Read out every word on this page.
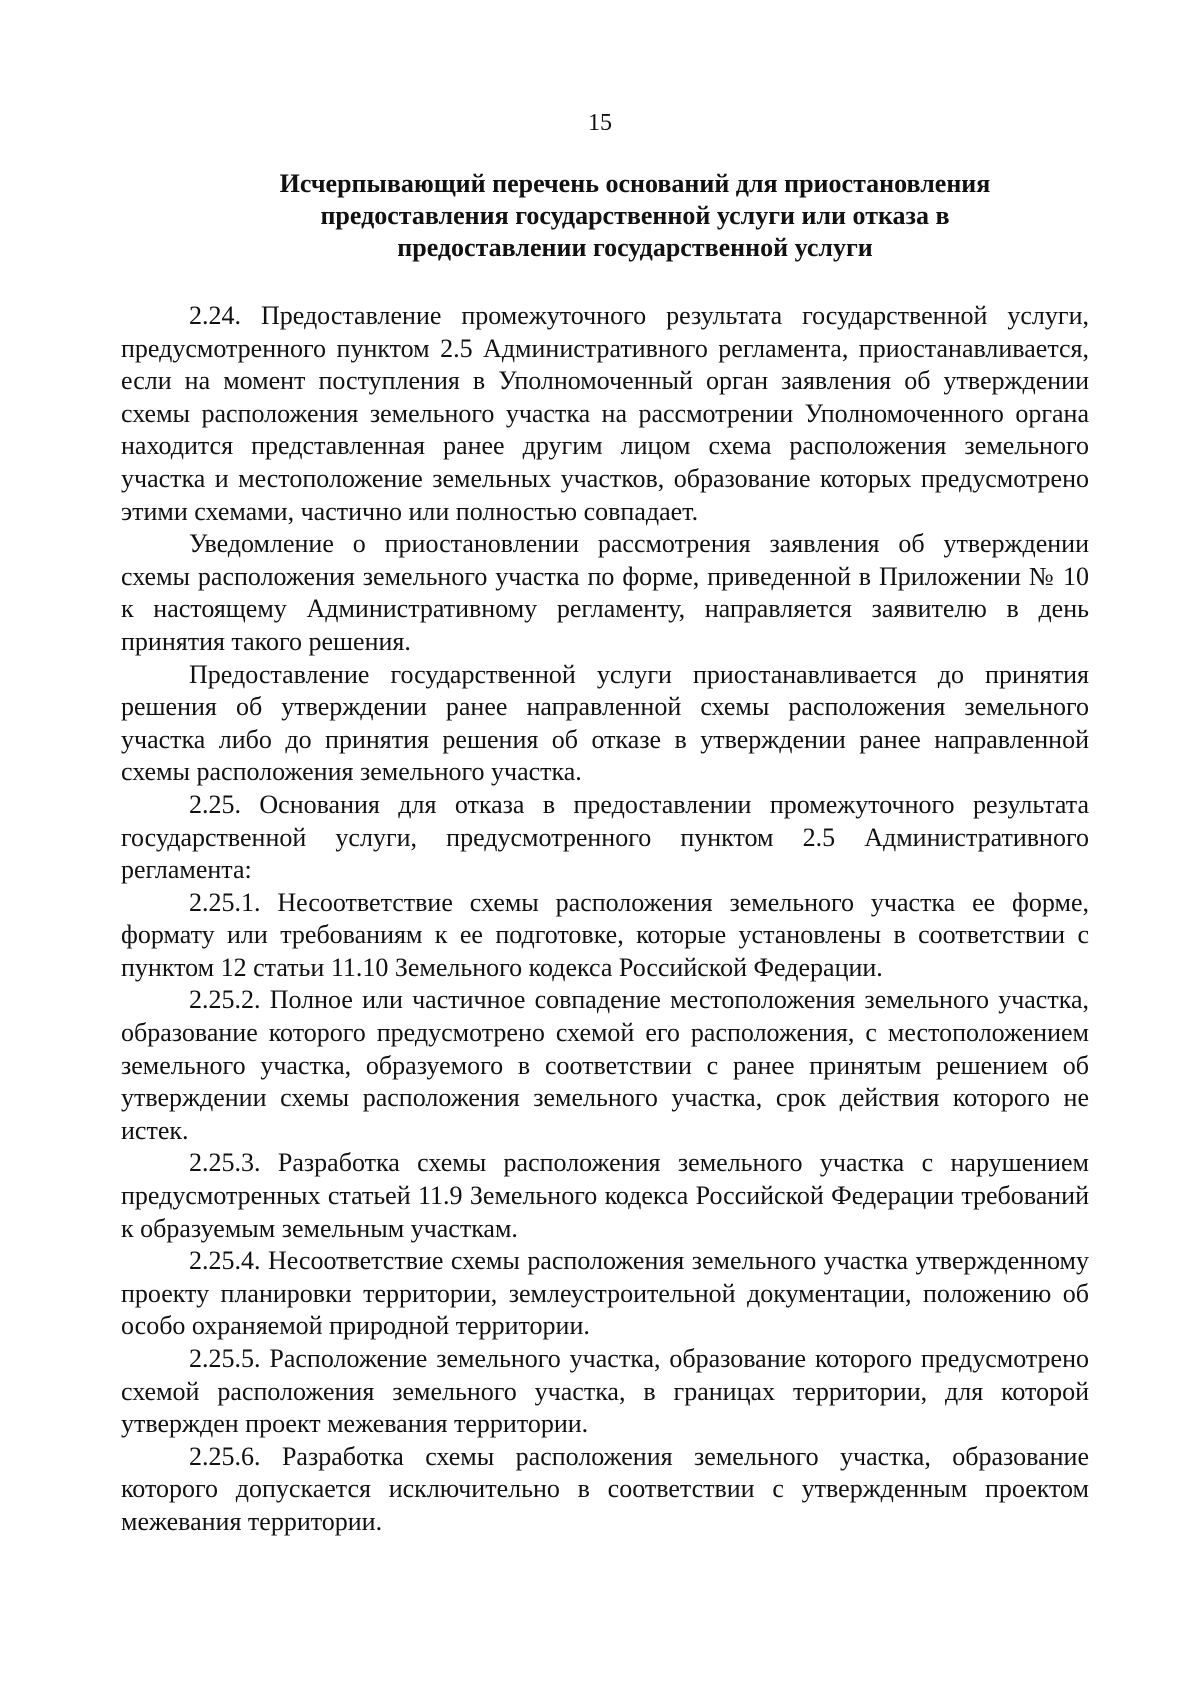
15
Исчерпывающий перечень оснований для приостановления
предоставления государственной услуги или отказа в
предоставлении государственной услуги

2.24. Предоставление промежуточного результата государственной услуги, предусмотренного пунктом 2.5 Административного регламента, приостанавливается, если на момент поступления в Уполномоченный орган заявления об утверждении схемы расположения земельного участка на рассмотрении Уполномоченного органа находится представленная ранее другим лицом схема расположения земельного участка и местоположение земельных участков, образование которых предусмотрено этими схемами, частично или полностью совпадает.

Уведомление о приостановлении рассмотрения заявления об утверждении схемы расположения земельного участка по форме, приведенной в Приложении № 10 к настоящему Административному регламенту, направляется заявителю в день принятия такого решения.

Предоставление государственной услуги приостанавливается до принятия решения об утверждении ранее направленной схемы расположения земельного участка либо до принятия решения об отказе в утверждении ранее направленной схемы расположения земельного участка.

2.25. Основания для отказа в предоставлении промежуточного результата государственной услуги, предусмотренного пунктом 2.5 Административного регламента:

2.25.1. Несоответствие схемы расположения земельного участка ее форме, формату или требованиям к ее подготовке, которые установлены в соответствии с пунктом 12 статьи 11.10 Земельного кодекса Российской Федерации.

2.25.2. Полное или частичное совпадение местоположения земельного участка, образование которого предусмотрено схемой его расположения, с местоположением земельного участка, образуемого в соответствии с ранее принятым решением об утверждении схемы расположения земельного участка, срок действия которого не истек.

2.25.3. Разработка схемы расположения земельного участка с нарушением предусмотренных статьей 11.9 Земельного кодекса Российской Федерации требований к образуемым земельным участкам.

2.25.4. Несоответствие схемы расположения земельного участка утвержденному проекту планировки территории, землеустроительной документации, положению об особо охраняемой природной территории.

2.25.5. Расположение земельного участка, образование которого предусмотрено схемой расположения земельного участка, в границах территории, для которой утвержден проект межевания территории.

2.25.6. Разработка схемы расположения земельного участка, образование которого допускается исключительно в соответствии с утвержденным проектом межевания территории.
